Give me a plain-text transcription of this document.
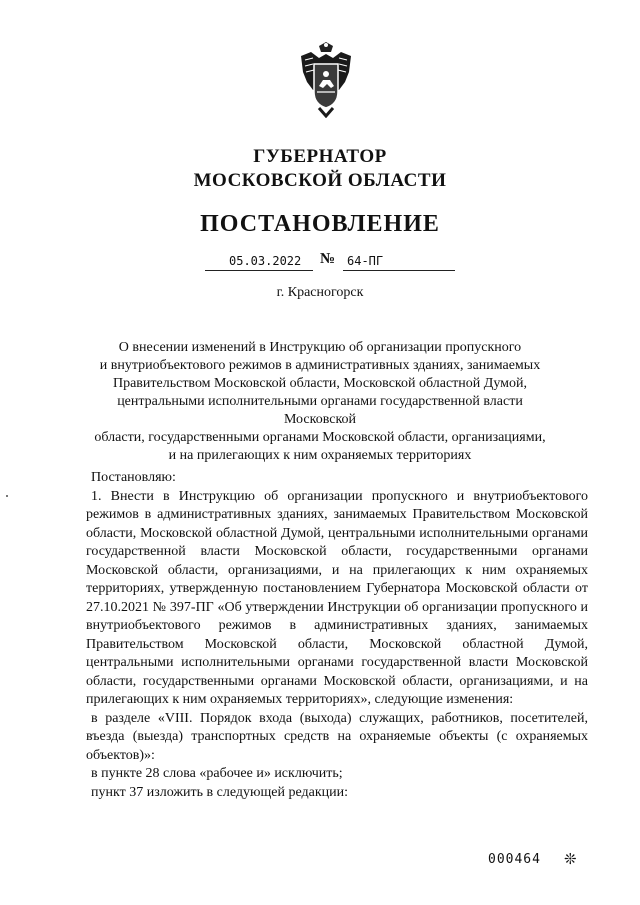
ГУБЕРНАТОР
МОСКОВСКОЙ ОБЛАСТИ
ПОСТАНОВЛЕНИЕ
05.03.2022 № 64-ПГ
г. Красногорск
О внесении изменений в Инструкцию об организации пропускного
и внутриобъектового режимов в административных зданиях, занимаемых
Правительством Московской области, Московской областной Думой,
центральными исполнительными органами государственной власти Московской
области, государственными органами Московской области, организациями,
и на прилегающих к ним охраняемых территориях

Постановляю:

1. Внести в Инструкцию об организации пропускного и внутриобъектового режимов в административных зданиях, занимаемых Правительством Московской области, Московской областной Думой, центральными исполнительными органами государственной власти Московской области, государственными органами Московской области, организациями, и на прилегающих к ним охраняемых территориях, утвержденную постановлением Губернатора Московской области от 27.10.2021 № 397-ПГ «Об утверждении Инструкции об организации пропускного и внутриобъектового режимов в административных зданиях, занимаемых Правительством Московской области, Московской областной Думой, центральными исполнительными органами государственной власти Московской области, государственными органами Московской области, организациями, и на прилегающих к ним охраняемых территориях», следующие изменения:

в разделе «VIII. Порядок входа (выхода) служащих, работников, посетителей, въезда (выезда) транспортных средств на охраняемые объекты (с охраняемых объектов)»:

в пункте 28 слова «рабочее и» исключить;

пункт 37 изложить в следующей редакции:

000464 ❊
